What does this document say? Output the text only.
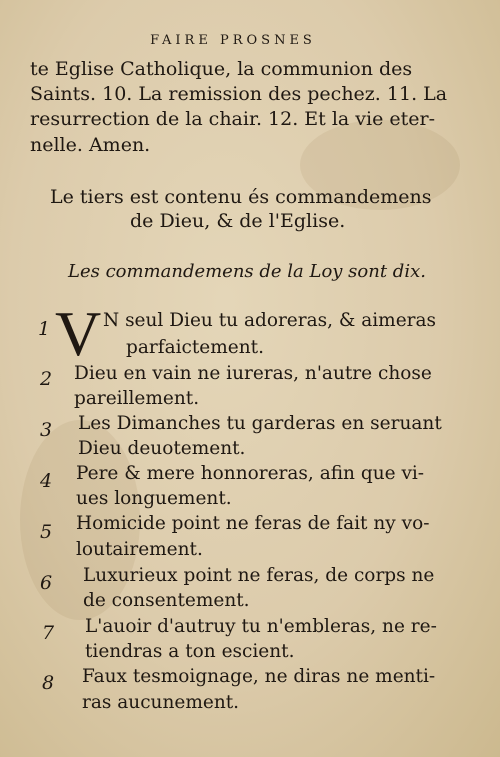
FAIRE PROSNES
te Eglise Catholique, la communion des
Saints. 10. La remission des pechez. 11. La
resurrection de la chair. 12. Et la vie eter-
nelle. Amen.
Le tiers est contenu és commandemens
de Dieu, & de l'Eglise.
Les commandemens de la Loy sont dix.
1 V N seul Dieu tu adoreras, & aimeras
parfaictement.
2 Dieu en vain ne iureras, n'autre chose
pareillement.
3 Les Dimanches tu garderas en seruant
Dieu deuotement.
4 Pere & mere honnoreras, afin que vi-
ues longuement.
5 Homicide point ne feras de fait ny vo-
loutairement.
6 Luxurieux point ne feras, de corps ne
de consentement.
7 L'auoir d'autruy tu n'embleras, ne re-
tiendras a ton escient.
8 Faux tesmoignage, ne diras ne menti-
ras aucunement.
